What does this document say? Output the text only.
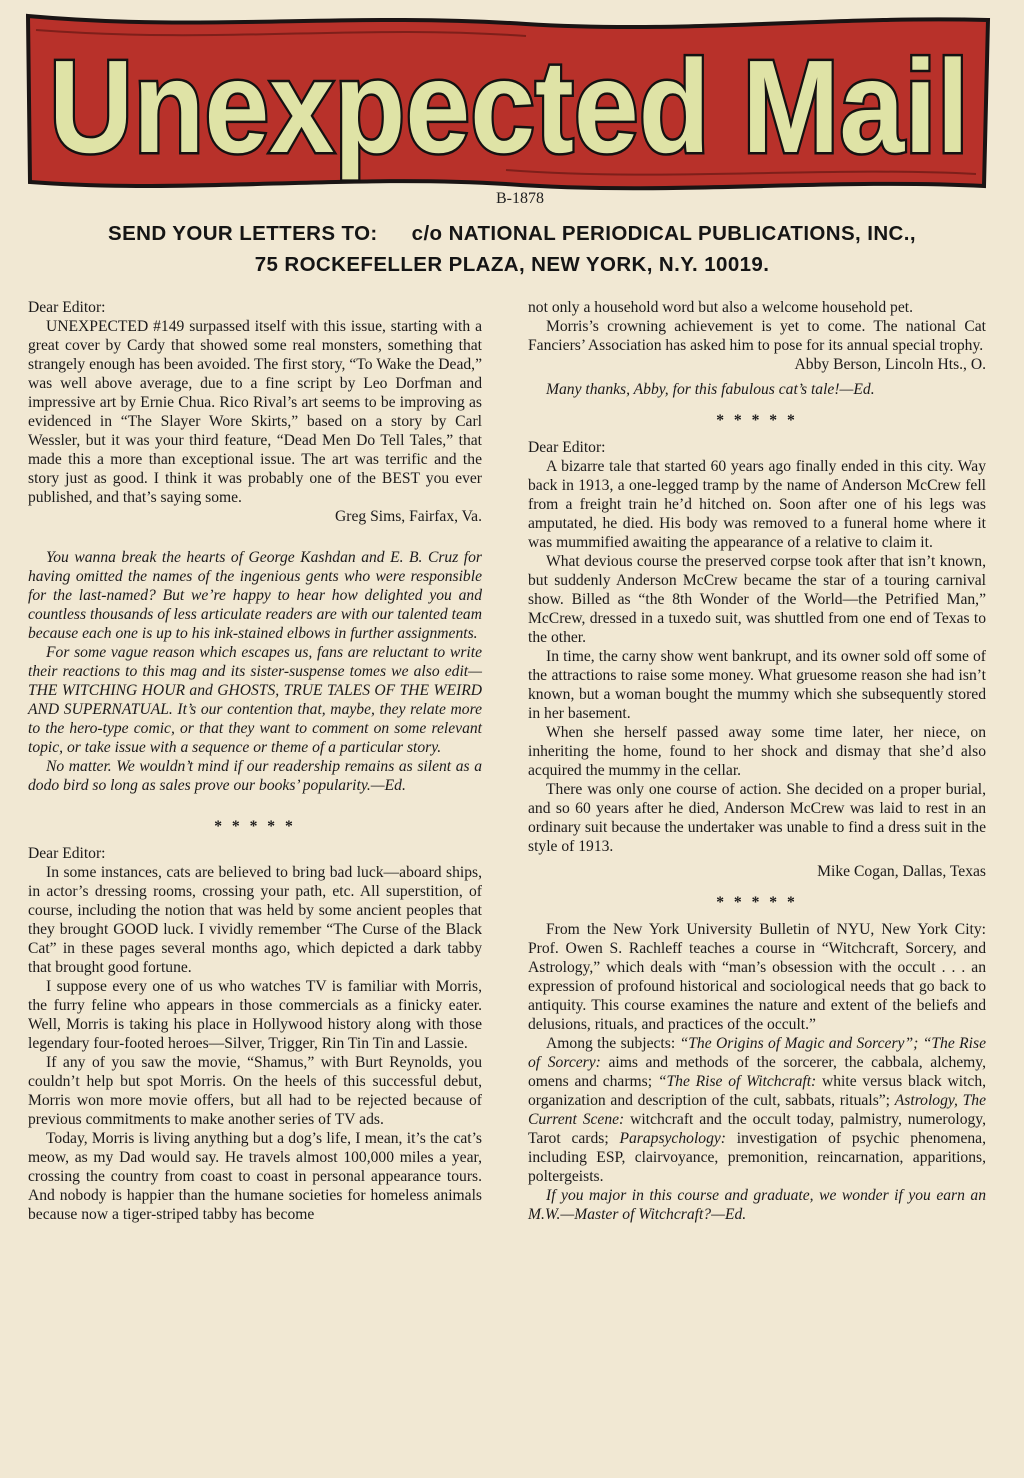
Unexpected Mail
B-1878
SEND YOUR LETTERS TO: c/o NATIONAL PERIODICAL PUBLICATIONS, INC.,
75 ROCKEFELLER PLAZA, NEW YORK, N.Y. 10019.

Dear Editor:

UNEXPECTED #149 surpassed itself with this issue, starting with a great cover by Cardy that showed some real monsters, something that strangely enough has been avoided. The first story, “To Wake the Dead,” was well above average, due to a fine script by Leo Dorfman and impressive art by Ernie Chua. Rico Rival’s art seems to be improving as evidenced in “The Slayer Wore Skirts,” based on a story by Carl Wessler, but it was your third feature, “Dead Men Do Tell Tales,” that made this a more than exceptional issue. The art was terrific and the story just as good. I think it was probably one of the BEST you ever published, and that’s saying some.

Greg Sims, Fairfax, Va.

You wanna break the hearts of George Kashdan and E. B. Cruz for having omitted the names of the ingenious gents who were responsible for the last-named? But we’re happy to hear how delighted you and countless thousands of less articulate readers are with our talented team because each one is up to his ink-stained elbows in further assignments.

For some vague reason which escapes us, fans are reluctant to write their reactions to this mag and its sister-suspense tomes we also edit—THE WITCHING HOUR and GHOSTS, TRUE TALES OF THE WEIRD AND SUPERNATUAL. It’s our contention that, maybe, they relate more to the hero-type comic, or that they want to comment on some relevant topic, or take issue with a sequence or theme of a particular story.

No matter. We wouldn’t mind if our readership remains as silent as a dodo bird so long as sales prove our books’ popularity.—Ed.

* * * * *

Dear Editor:

In some instances, cats are believed to bring bad luck—aboard ships, in actor’s dressing rooms, crossing your path, etc. All superstition, of course, including the notion that was held by some ancient peoples that they brought GOOD luck. I vividly remember “The Curse of the Black Cat” in these pages several months ago, which depicted a dark tabby that brought good fortune.

I suppose every one of us who watches TV is familiar with Morris, the furry feline who appears in those commercials as a finicky eater. Well, Morris is taking his place in Hollywood history along with those legendary four-footed heroes—Silver, Trigger, Rin Tin Tin and Lassie.

If any of you saw the movie, “Shamus,” with Burt Reynolds, you couldn’t help but spot Morris. On the heels of this successful debut, Morris won more movie offers, but all had to be rejected because of previous commitments to make another series of TV ads.

Today, Morris is living anything but a dog’s life, I mean, it’s the cat’s meow, as my Dad would say. He travels almost 100,000 miles a year, crossing the country from coast to coast in personal appearance tours. And nobody is happier than the humane societies for homeless animals because now a tiger-striped tabby has become

not only a household word but also a welcome household pet.

Morris’s crowning achievement is yet to come. The national Cat Fanciers’ Association has asked him to pose for its annual special trophy.

Abby Berson, Lincoln Hts., O.

Many thanks, Abby, for this fabulous cat’s tale!—Ed.

* * * * *

Dear Editor:

A bizarre tale that started 60 years ago finally ended in this city. Way back in 1913, a one-legged tramp by the name of Anderson McCrew fell from a freight train he’d hitched on. Soon after one of his legs was amputated, he died. His body was removed to a funeral home where it was mummified awaiting the appearance of a relative to claim it.

What devious course the preserved corpse took after that isn’t known, but suddenly Anderson McCrew became the star of a touring carnival show. Billed as “the 8th Wonder of the World—the Petrified Man,” McCrew, dressed in a tuxedo suit, was shuttled from one end of Texas to the other.

In time, the carny show went bankrupt, and its owner sold off some of the attractions to raise some money. What gruesome reason she had isn’t known, but a woman bought the mummy which she subsequently stored in her basement.

When she herself passed away some time later, her niece, on inheriting the home, found to her shock and dismay that she’d also acquired the mummy in the cellar.

There was only one course of action. She decided on a proper burial, and so 60 years after he died, Anderson McCrew was laid to rest in an ordinary suit because the undertaker was unable to find a dress suit in the style of 1913.

Mike Cogan, Dallas, Texas

* * * * *

From the New York University Bulletin of NYU, New York City: Prof. Owen S. Rachleff teaches a course in “Witchcraft, Sorcery, and Astrology,” which deals with “man’s obsession with the occult . . . an expression of profound historical and sociological needs that go back to antiquity. This course examines the nature and extent of the beliefs and delusions, rituals, and practices of the occult.”

Among the subjects: “The Origins of Magic and Sorcery”; “The Rise of Sorcery: aims and methods of the sorcerer, the cabbala, alchemy, omens and charms; “The Rise of Witchcraft: white versus black witch, organization and description of the cult, sabbats, rituals”; Astrology, The Current Scene: witchcraft and the occult today, palmistry, numerology, Tarot cards; Parapsychology: investigation of psychic phenomena, including ESP, clairvoyance, premonition, reincarnation, apparitions, poltergeists.

If you major in this course and graduate, we wonder if you earn an M.W.—Master of Witchcraft?—Ed.
